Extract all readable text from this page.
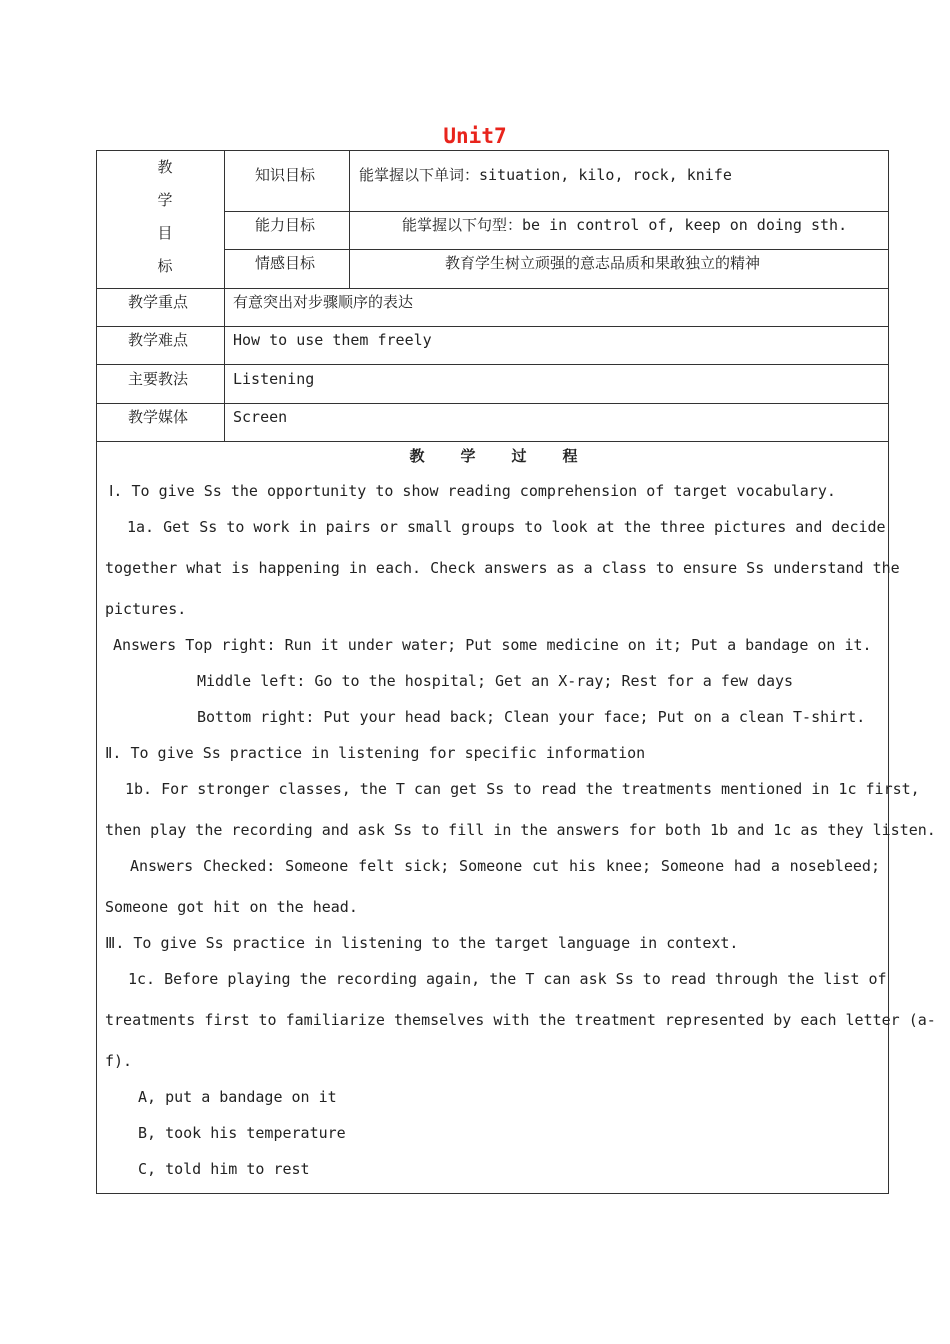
Unit7
教
学
目
标
知识目标	能掌握以下单词：situation, kilo, rock, knife
能力目标	能掌握以下句型：be in control of, keep on doing sth.
情感目标	教育学生树立顽强的意志品质和果敢独立的精神
教学重点	有意突出对步骤顺序的表达
教学难点	How to use them freely
主要教法	Listening
教学媒体	Screen
教 学 过 程
Ⅰ. To give Ss the opportunity to show reading comprehension of target vocabulary.
1a. Get Ss to work in pairs or small groups to look at the three pictures and decide
together what is happening in each. Check answers as a class to ensure Ss understand the
pictures.
Answers Top right: Run it under water; Put some medicine on it; Put a bandage on it.
Middle left: Go to the hospital; Get an X-ray; Rest for a few days
Bottom right: Put your head back; Clean your face; Put on a clean T-shirt.
Ⅱ. To give Ss practice in listening for specific information
1b. For stronger classes, the T can get Ss to read the treatments mentioned in 1c first,
then play the recording and ask Ss to fill in the answers for both 1b and 1c as they listen.
Answers Checked: Someone felt sick; Someone cut his knee; Someone had a nosebleed;
Someone got hit on the head.
Ⅲ. To give Ss practice in listening to the target language in context.
1c. Before playing the recording again, the T can ask Ss to read through the list of
treatments first to familiarize themselves with the treatment represented by each letter (a-
f).
A, put a bandage on it
B, took his temperature
C, told him to rest
